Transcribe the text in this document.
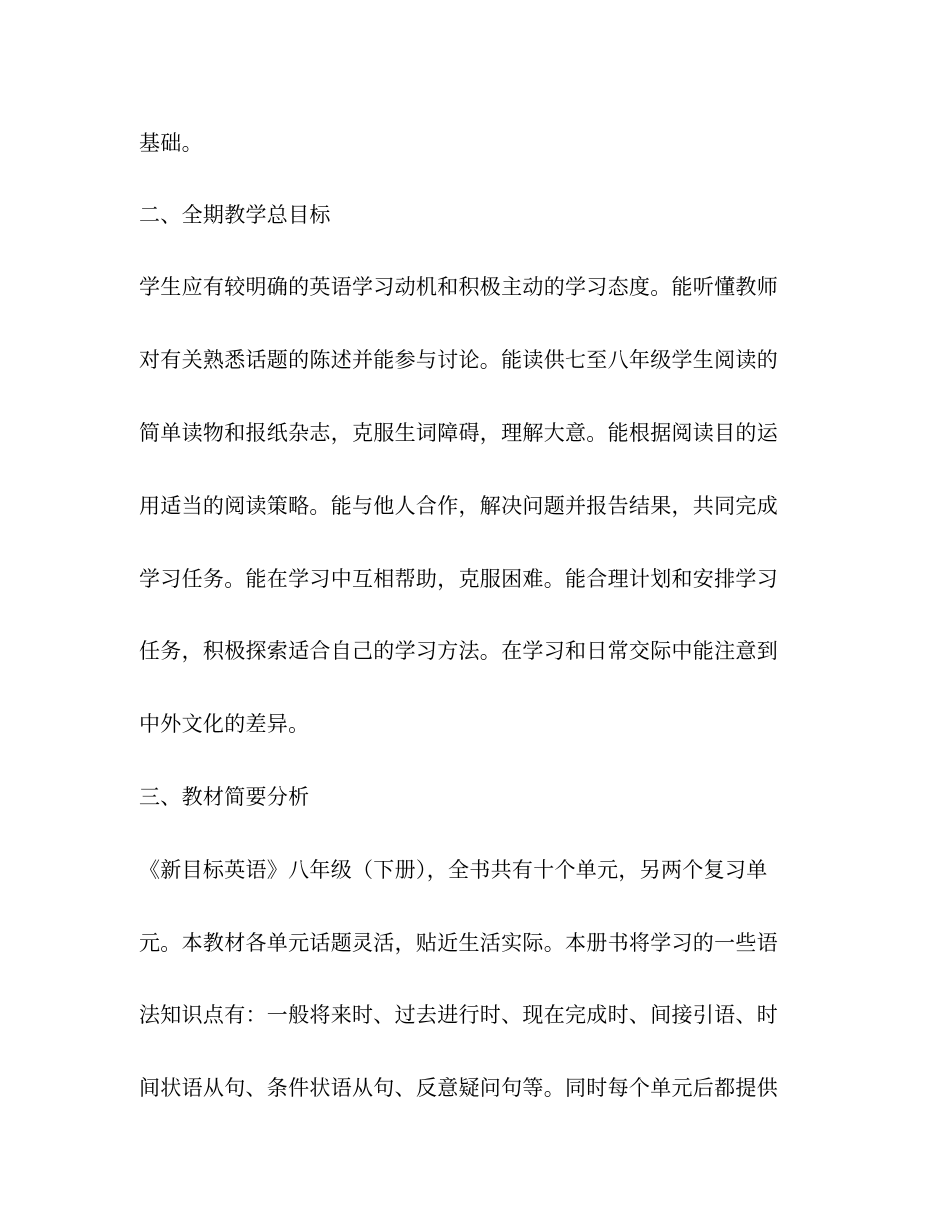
基础。
二、全期教学总目标
学生应有较明确的英语学习动机和积极主动的学习态度。能听懂教师
对有关熟悉话题的陈述并能参与讨论。能读供七至八年级学生阅读的
简单读物和报纸杂志，克服生词障碍，理解大意。能根据阅读目的运
用适当的阅读策略。能与他人合作，解决问题并报告结果，共同完成
学习任务。能在学习中互相帮助，克服困难。能合理计划和安排学习
任务，积极探索适合自己的学习方法。在学习和日常交际中能注意到
中外文化的差异。
三、教材简要分析
《新目标英语》八年级（下册），全书共有十个单元，另两个复习单
元。本教材各单元话题灵活，贴近生活实际。本册书将学习的一些语
法知识点有：一般将来时、过去进行时、现在完成时、间接引语、时
间状语从句、条件状语从句、反意疑问句等。同时每个单元后都提供
